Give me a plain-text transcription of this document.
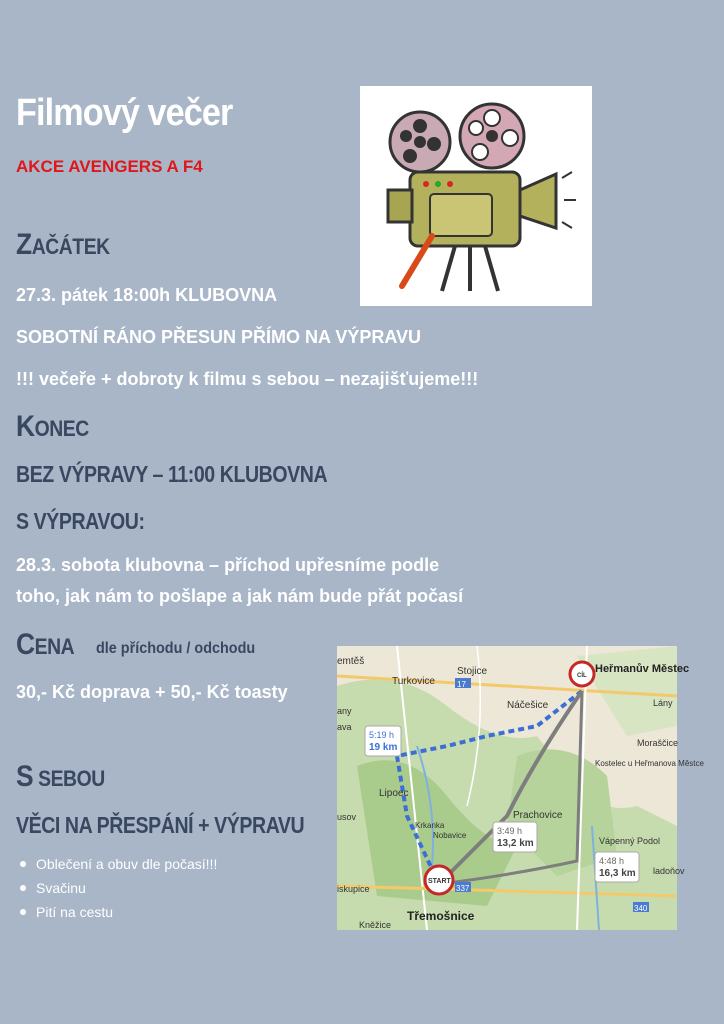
Filmový večer
AKCE AVENGERS A F4
ZAČÁTEK
27.3. pátek 18:00h KLUBOVNA
SOBOTNÍ RÁNO PŘESUN PŘÍMO NA VÝPRAVU
!!! večeře + dobroty k filmu s sebou – nezajišťujeme!!!
KONEC
BEZ VÝPRAVY – 11:00 KLUBOVNA
S VÝPRAVOU:
28.3. sobota klubovna – příchod upřesníme podle
toho, jak nám to pošlape a jak nám bude přát počasí
CENA dle příchodu / odchodu
30,- Kč doprava + 50,- Kč toasty
S SEBOU
VĚCI NA PŘESPÁNÍ + VÝPRAVU
Oblečení a obuv dle počasí!!!
Svačinu
Pití na cestu
emtěš
Stojice
Turkovice
Náčešice
any
ava
Lipoec
usov
Krkanka
Nobavice
Prachovice
Kostelec u Heřmanova Městce
Moraščice
Vápenný Podol
Lány
Kněžice
iskupice
Třemošnice
Heřmanův Městec
ladoňov
17
337
340
5:19 h
19 km
3:49 h
13,2 km
4:48 h
16,3 km
START
CÍL
